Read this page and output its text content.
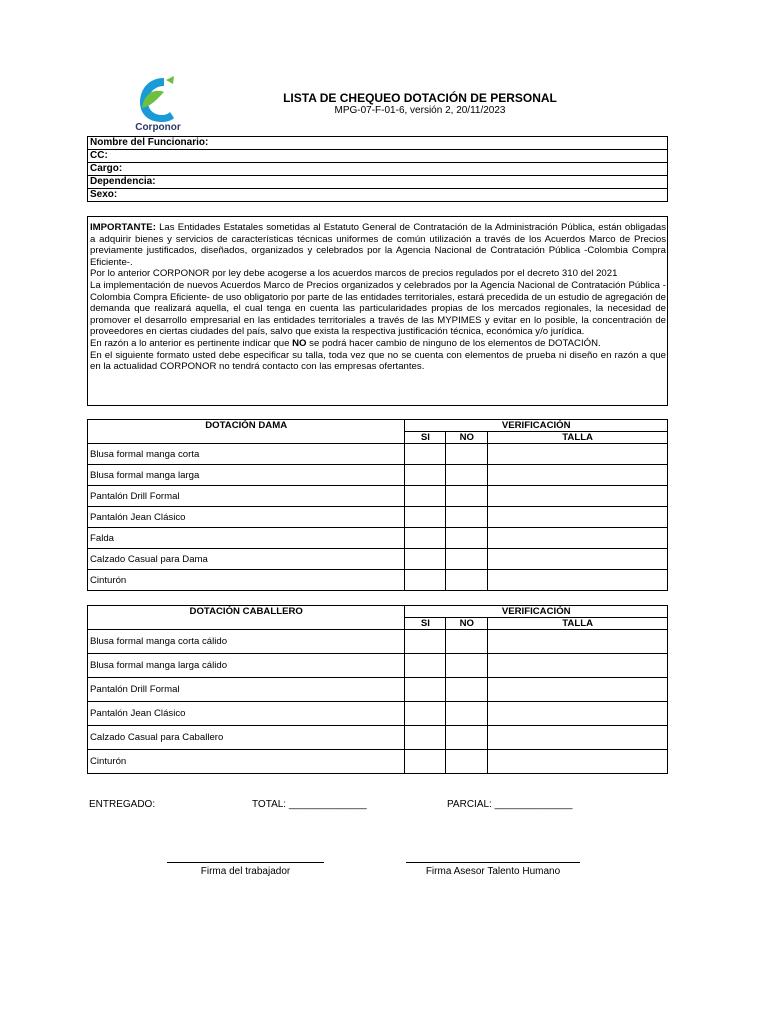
Corponor
LISTA DE CHEQUEO DOTACIÓN DE PERSONAL
MPG-07-F-01-6, versión 2, 20/11/2023
Nombre del Funcionario:
CC:
Cargo:
Dependencia:
Sexo:

IMPORTANTE: Las Entidades Estatales sometidas al Estatuto General de Contratación de la Administración Pública, están obligadas a adquirir bienes y servicios de características técnicas uniformes de común utilización a través de los Acuerdos Marco de Precios previamente justificados, diseñados, organizados y celebrados por la Agencia Nacional de Contratación Pública -Colombia Compra Eficiente-.

Por lo anterior CORPONOR por ley debe acogerse a los acuerdos marcos de precios regulados por el decreto 310 del 2021

La implementación de nuevos Acuerdos Marco de Precios organizados y celebrados por la Agencia Nacional de Contratación Pública -Colombia Compra Eficiente- de uso obligatorio por parte de las entidades territoriales, estará precedida de un estudio de agregación de demanda que realizará aquella, el cual tenga en cuenta las particularidades propias de los mercados regionales, la necesidad de promover el desarrollo empresarial en las entidades territoriales a través de las MYPIMES y evitar en lo posible, la concentración de proveedores en ciertas ciudades del país, salvo que exista la respectiva justificación técnica, económica y/o jurídica.

En razón a lo anterior es pertinente indicar que NO se podrá hacer cambio de ninguno de los elementos de DOTACIÓN.

En el siguiente formato usted debe especificar su talla, toda vez que no se cuenta con elementos de prueba ni diseño en razón a que en la actualidad CORPONOR no tendrá contacto con las empresas ofertantes.

DOTACIÓN DAMA	VERIFICACIÓN		
	SI	NO	TALLA
Blusa formal manga corta			
Blusa formal manga larga			
Pantalón Drill Formal			
Pantalón Jean Clásico			
Falda			
Calzado Casual para Dama			
Cinturón			
DOTACIÓN CABALLERO	VERIFICACIÓN		
	SI	NO	TALLA
Blusa formal manga corta cálido			
Blusa formal manga larga cálido			
Pantalón Drill Formal			
Pantalón Jean Clásico			
Calzado Casual para Caballero			
Cinturón			
ENTREGADO:	TOTAL: ______________	PARCIAL: ______________
Firma del trabajador	Firma Asesor Talento Humano
